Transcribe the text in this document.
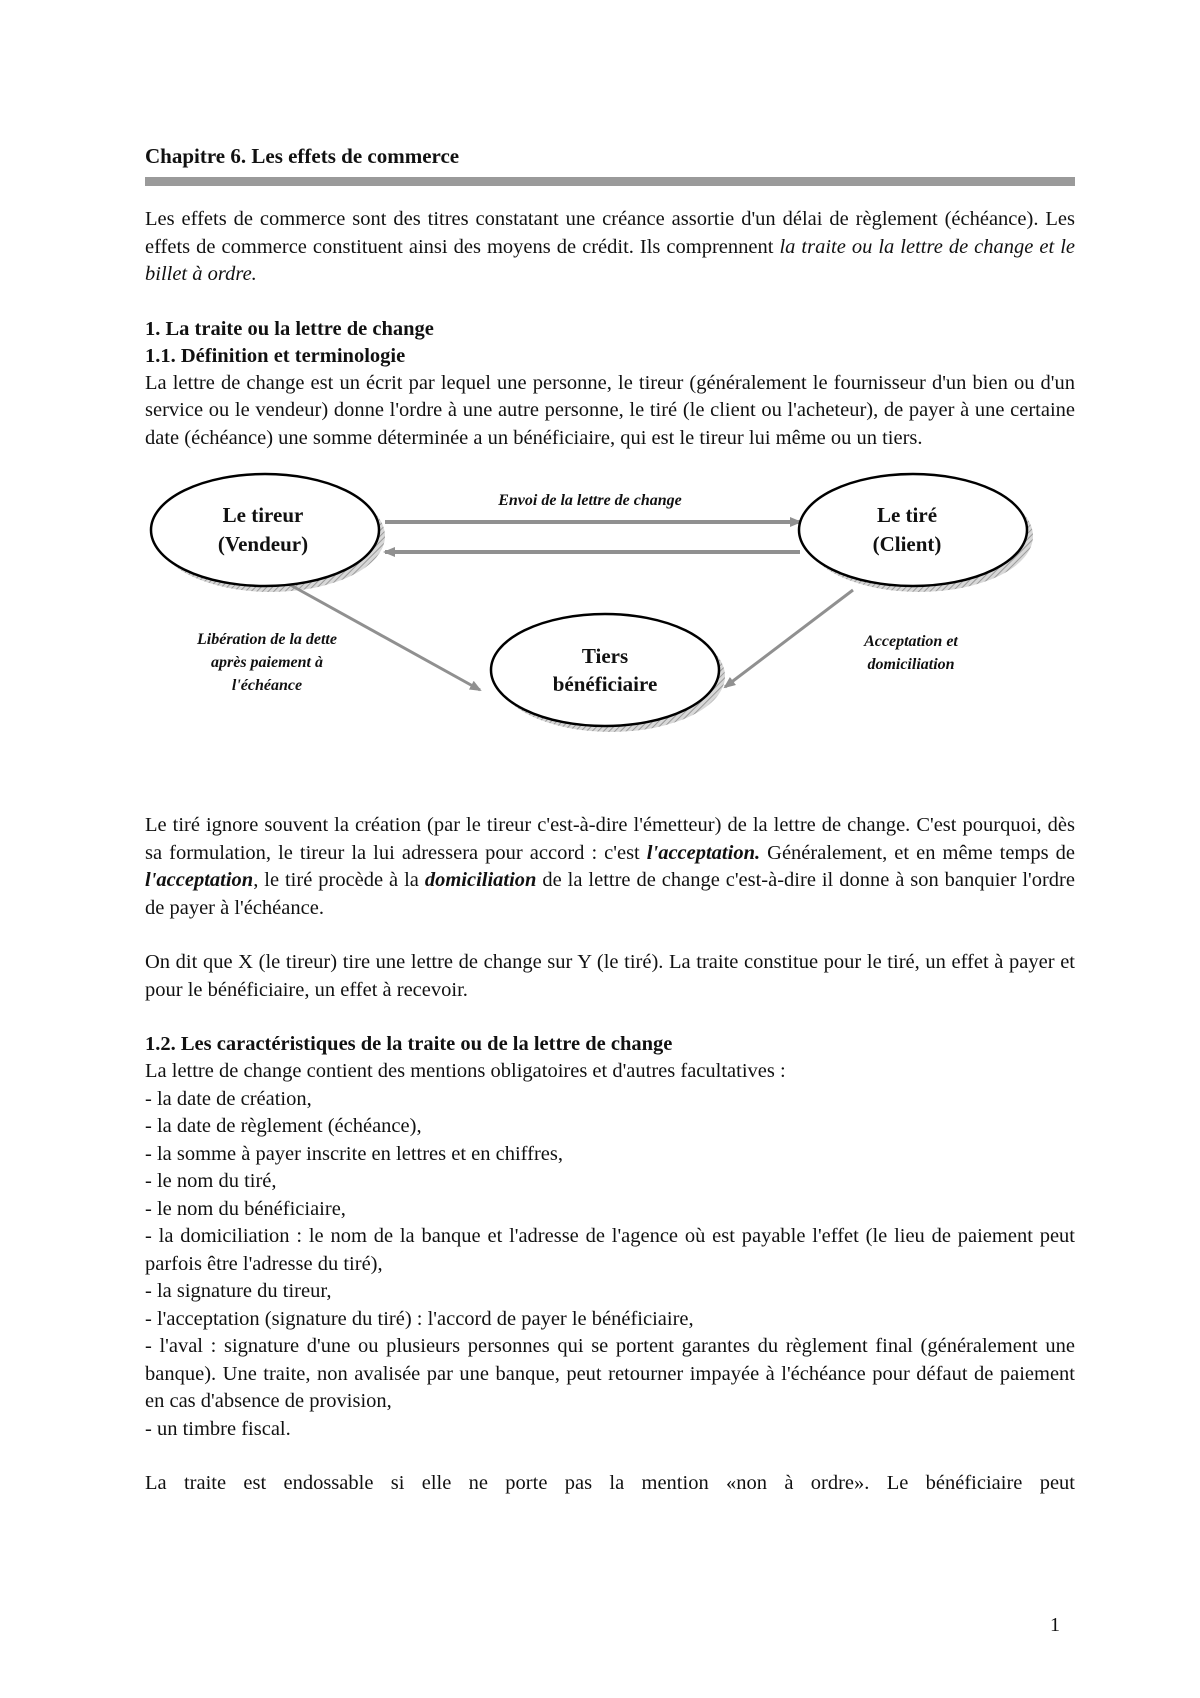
Chapitre 6. Les effets de commerce

Les effets de commerce sont des titres constatant une créance assortie d'un délai de règlement (échéance). Les effets de commerce constituent ainsi des moyens de crédit. Ils comprennent la traite ou la lettre de change et le billet à ordre.

1. La traite ou la lettre de change
1.1. Définition et terminologie

La lettre de change est un écrit par lequel une personne, le tireur (généralement le fournisseur d'un bien ou d'un service ou le vendeur) donne l'ordre à une autre personne, le tiré (le client ou l'acheteur), de payer à une certaine date (échéance) une somme déterminée a un bénéficiaire, qui est le tireur lui même ou un tiers.

Le tireur
(Vendeur)
Le tiré
(Client)
Tiers
bénéficiaire
Envoi de la lettre de change
Libération de la dette
après paiement à
l'échéance
Acceptation et
domiciliation

Le tiré ignore souvent la création (par le tireur c'est-à-dire l'émetteur) de la lettre de change. C'est pourquoi, dès sa formulation, le tireur la lui adressera pour accord : c'est l'acceptation. Généralement, et en même temps de l'acceptation, le tiré procède à la domiciliation de la lettre de change c'est-à-dire il donne à son banquier l'ordre de payer à l'échéance.

On dit que X (le tireur) tire une lettre de change sur Y (le tiré). La traite constitue pour le tiré, un effet à payer et pour le bénéficiaire, un effet à recevoir.

1.2. Les caractéristiques de la traite ou de la lettre de change

La lettre de change contient des mentions obligatoires et d'autres facultatives :

- la date de création,

- la date de règlement (échéance),

- la somme à payer inscrite en lettres et en chiffres,

- le nom du tiré,

- le nom du bénéficiaire,

- la domiciliation : le nom de la banque et l'adresse de l'agence où est payable l'effet (le lieu de paiement peut parfois être l'adresse du tiré),

- la signature du tireur,

- l'acceptation (signature du tiré) : l'accord de payer le bénéficiaire,

- l'aval : signature d'une ou plusieurs personnes qui se portent garantes du règlement final (généralement une banque). Une traite, non avalisée par une banque, peut retourner impayée à l'échéance pour défaut de paiement en cas d'absence de provision,

- un timbre fiscal.

La traite est endossable si elle ne porte pas la mention «non à ordre». Le bénéficiaire peut

1
